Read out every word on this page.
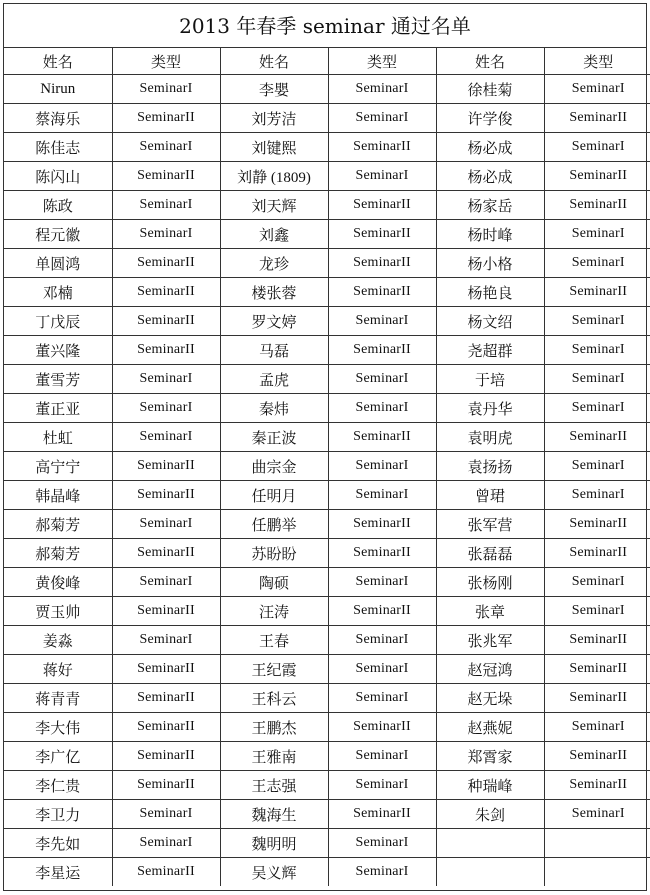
2013 年春季 seminar 通过名单
姓名	类型	姓名	类型	姓名	类型
Nirun	SeminarI	李嬰	SeminarI	徐桂菊	SeminarI
蔡海乐	SeminarII	刘芳洁	SeminarI	许学俊	SeminarII
陈佳志	SeminarI	刘键熙	SeminarII	杨必成	SeminarI
陈闪山	SeminarII	刘静 (1809)	SeminarI	杨必成	SeminarII
陈政	SeminarI	刘天辉	SeminarII	杨家岳	SeminarII
程元徽	SeminarI	刘鑫	SeminarII	杨时峰	SeminarI
单圆鸿	SeminarII	龙珍	SeminarII	杨小格	SeminarI
邓楠	SeminarII	楼张蓉	SeminarII	杨艳良	SeminarII
丁戊辰	SeminarII	罗文婷	SeminarI	杨文绍	SeminarI
董兴隆	SeminarII	马磊	SeminarII	尧超群	SeminarI
董雪芳	SeminarI	孟虎	SeminarI	于培	SeminarI
董正亚	SeminarI	秦炜	SeminarI	袁丹华	SeminarI
杜虹	SeminarI	秦正波	SeminarII	袁明虎	SeminarII
高宁宁	SeminarII	曲宗金	SeminarI	袁扬扬	SeminarI
韩晶峰	SeminarII	任明月	SeminarI	曾珺	SeminarI
郝菊芳	SeminarI	任鹏举	SeminarII	张军营	SeminarII
郝菊芳	SeminarII	苏盼盼	SeminarII	张磊磊	SeminarII
黄俊峰	SeminarI	陶硕	SeminarI	张杨刚	SeminarI
贾玉帅	SeminarII	汪涛	SeminarII	张章	SeminarI
姜淼	SeminarI	王春	SeminarI	张兆军	SeminarII
蒋好	SeminarII	王纪霞	SeminarI	赵冠鸿	SeminarII
蒋青青	SeminarII	王科云	SeminarI	赵无垛	SeminarII
李大伟	SeminarII	王鹏杰	SeminarII	赵燕妮	SeminarI
李广亿	SeminarII	王雅南	SeminarI	郑霄家	SeminarII
李仁贵	SeminarII	王志强	SeminarI	种瑞峰	SeminarII
李卫力	SeminarI	魏海生	SeminarII	朱剑	SeminarI
李先如	SeminarI	魏明明	SeminarI		
李星运	SeminarII	吴义辉	SeminarI		
